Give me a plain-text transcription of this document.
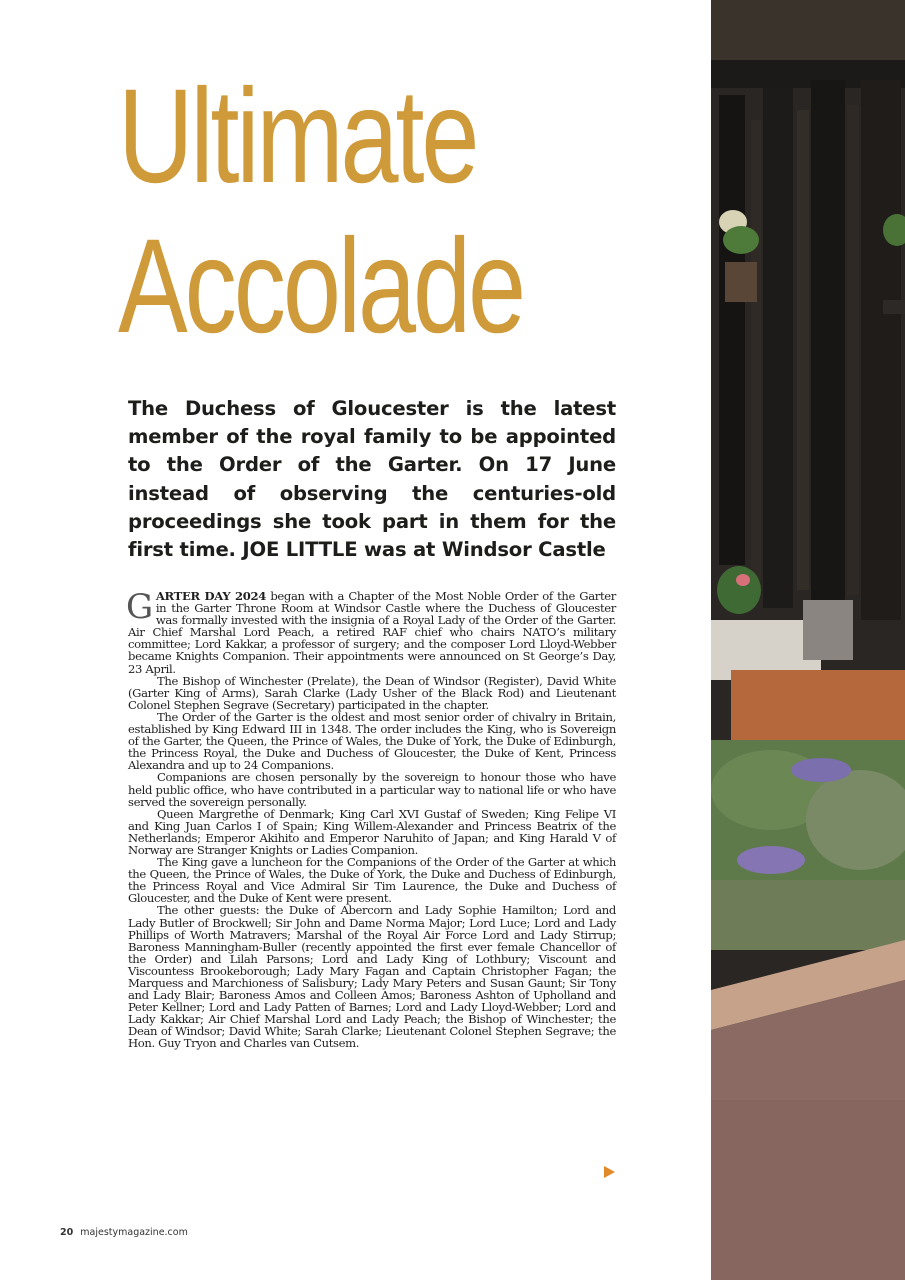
Ultimate
Accolade

The Duchess of Gloucester is the latest member of the royal family to be appointed to the Order of the Garter. On 17 June instead of observing the centuries-old proceedings she took part in them for the first time. JOE LITTLE was at Windsor Castle

GARTER DAY 2024 began with a Chapter of the Most Noble Order of the Garter in the Garter Throne Room at Windsor Castle where the Duchess of Gloucester was formally invested with the insignia of a Royal Lady of the Order of the Garter. Air Chief Marshal Lord Peach, a retired RAF chief who chairs NATO’s military committee; Lord Kakkar, a professor of surgery; and the composer Lord Lloyd-Webber became Knights Companion. Their appointments were announced on St George’s Day, 23 April.

The Bishop of Winchester (Prelate), the Dean of Windsor (Register), David White (Garter King of Arms), Sarah Clarke (Lady Usher of the Black Rod) and Lieutenant Colonel Stephen Segrave (Secretary) participated in the chapter.

The Order of the Garter is the oldest and most senior order of chivalry in Britain, established by King Edward III in 1348. The order includes the King, who is Sovereign of the Garter, the Queen, the Prince of Wales, the Duke of York, the Duke of Edinburgh, the Princess Royal, the Duke and Duchess of Gloucester, the Duke of Kent, Princess Alexandra and up to 24 Companions.

Companions are chosen personally by the sovereign to honour those who have held public office, who have contributed in a particular way to national life or who have served the sovereign personally.

Queen Margrethe of Denmark; King Carl XVI Gustaf of Sweden; King Felipe VI and King Juan Carlos I of Spain; King Willem-Alexander and Princess Beatrix of the Netherlands; Emperor Akihito and Emperor Naruhito of Japan; and King Harald V of Norway are Stranger Knights or Ladies Companion.

The King gave a luncheon for the Companions of the Order of the Garter at which the Queen, the Prince of Wales, the Duke of York, the Duke and Duchess of Edinburgh, the Princess Royal and Vice Admiral Sir Tim Laurence, the Duke and Duchess of Gloucester, and the Duke of Kent were present.

The other guests: the Duke of Abercorn and Lady Sophie Hamilton; Lord and Lady Butler of Brockwell; Sir John and Dame Norma Major; Lord Luce; Lord and Lady Phillips of Worth Matravers; Marshal of the Royal Air Force Lord and Lady Stirrup; Baroness Manningham-Buller (recently appointed the first ever female Chancellor of the Order) and Lilah Parsons; Lord and Lady King of Lothbury; Viscount and Viscountess Brookeborough; Lady Mary Fagan and Captain Christopher Fagan; the Marquess and Marchioness of Salisbury; Lady Mary Peters and Susan Gaunt; Sir Tony and Lady Blair; Baroness Amos and Colleen Amos; Baroness Ashton of Upholland and Peter Kellner; Lord and Lady Patten of Barnes; Lord and Lady Lloyd-Webber; Lord and Lady Kakkar; Air Chief Marshal Lord and Lady Peach; the Bishop of Winchester; the Dean of Windsor; David White; Sarah Clarke; Lieutenant Colonel Stephen Segrave; the Hon. Guy Tryon and Charles van Cutsem.

20 majestymagazine.com
